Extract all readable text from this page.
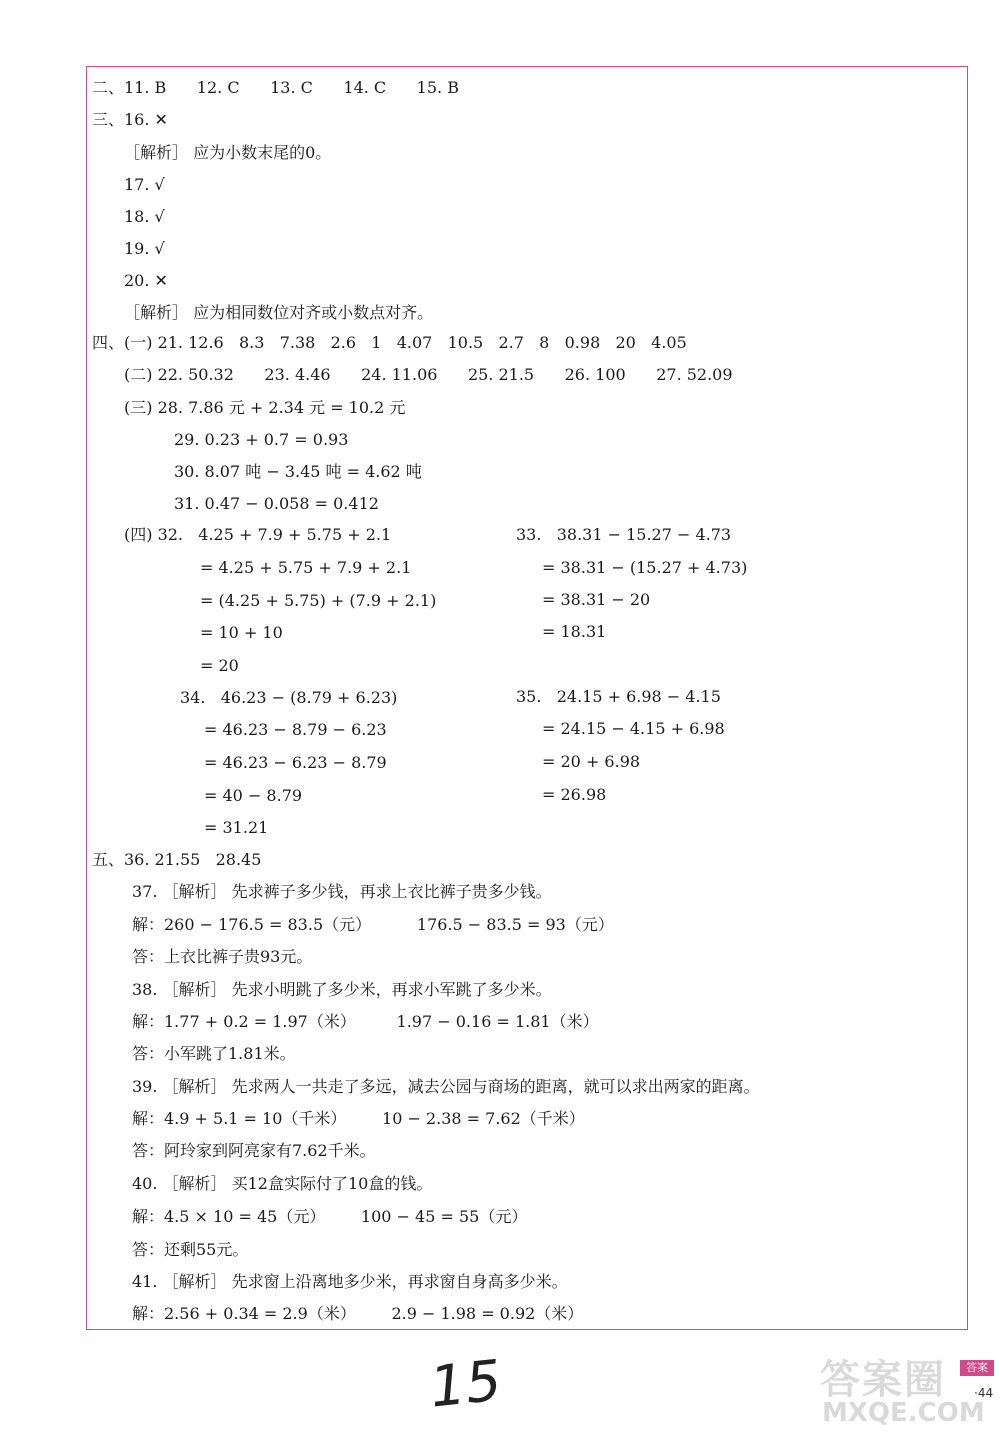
二、11. B      12. C      13. C      14. C      15. B
三、16. ✕
［解析］ 应为小数末尾的0。
17. √
18. √
19. √
20. ✕
［解析］ 应为相同数位对齐或小数点对齐。
四、(一) 21. 12.6   8.3   7.38   2.6   1   4.07   10.5   2.7   8   0.98   20   4.05
(二) 22. 50.32      23. 4.46      24. 11.06      25. 21.5      26. 100      27. 52.09
(三) 28. 7.86 元 + 2.34 元 = 10.2 元
29. 0.23 + 0.7 = 0.93
30. 8.07 吨 − 3.45 吨 = 4.62 吨
31. 0.47 − 0.058 = 0.412
(四) 32.   4.25 + 7.9 + 5.75 + 2.1	33.   38.31 − 15.27 − 4.73
= 4.25 + 5.75 + 7.9 + 2.1	= 38.31 − (15.27 + 4.73)
= (4.25 + 5.75) + (7.9 + 2.1)	= 38.31 − 20
= 10 + 10	= 18.31
= 20
34.   46.23 − (8.79 + 6.23)	35.   24.15 + 6.98 − 4.15
= 46.23 − 8.79 − 6.23	= 24.15 − 4.15 + 6.98
= 46.23 − 6.23 − 8.79	= 20 + 6.98
= 40 − 8.79	= 26.98
= 31.21
五、36. 21.55   28.45
37. ［解析］ 先求裤子多少钱，再求上衣比裤子贵多少钱。
解：260 − 176.5 = 83.5（元）         176.5 − 83.5 = 93（元）
答：上衣比裤子贵93元。
38. ［解析］ 先求小明跳了多少米，再求小军跳了多少米。
解：1.77 + 0.2 = 1.97（米）        1.97 − 0.16 = 1.81（米）
答：小军跳了1.81米。
39. ［解析］ 先求两人一共走了多远，减去公园与商场的距离，就可以求出两家的距离。
解：4.9 + 5.1 = 10（千米）       10 − 2.38 = 7.62（千米）
答：阿玲家到阿亮家有7.62千米。
40. ［解析］ 买12盒实际付了10盒的钱。
解：4.5 × 10 = 45（元）       100 − 45 = 55（元）
答：还剩55元。
41. ［解析］ 先求窗上沿离地多少米，再求窗自身高多少米。
解：2.56 + 0.34 = 2.9（米）       2.9 − 1.98 = 0.92（米）
15	答案圈
MXQE.COM
答案
·44
